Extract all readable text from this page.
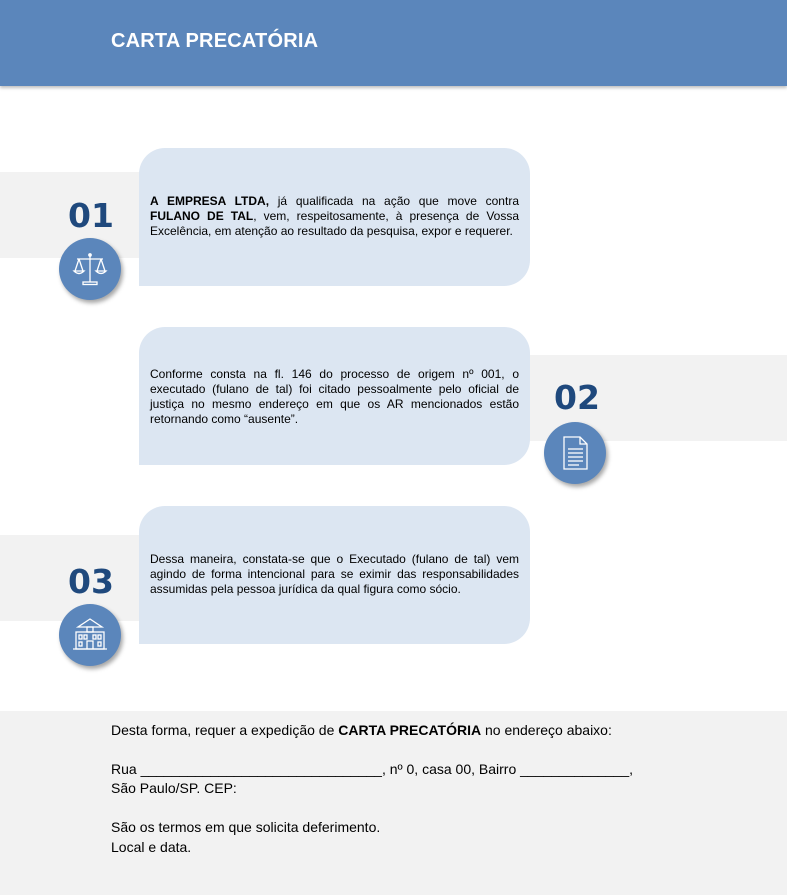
CARTA PRECATÓRIA
A EMPRESA LTDA, já qualificada na ação que move contra FULANO DE TAL, vem, respeitosamente, à presença de Vossa Excelência, em atenção ao resultado da pesquisa, expor e requerer.
01
Conforme consta na fl. 146 do processo de origem nº 001, o executado (fulano de tal) foi citado pessoalmente pelo oficial de justiça no mesmo endereço em que os AR mencionados estão retornando como “ausente”.
02
Dessa maneira, constata-se que o Executado (fulano de tal) vem agindo de forma intencional para se eximir das responsabilidades assumidas pela pessoa jurídica da qual figura como sócio.
03
Desta forma, requer a expedição de CARTA PRECATÓRIA no endereço abaixo:
Rua _______________________________, nº 0, casa 00, Bairro ______________,
São Paulo/SP. CEP:
São os termos em que solicita deferimento.
Local e data.
